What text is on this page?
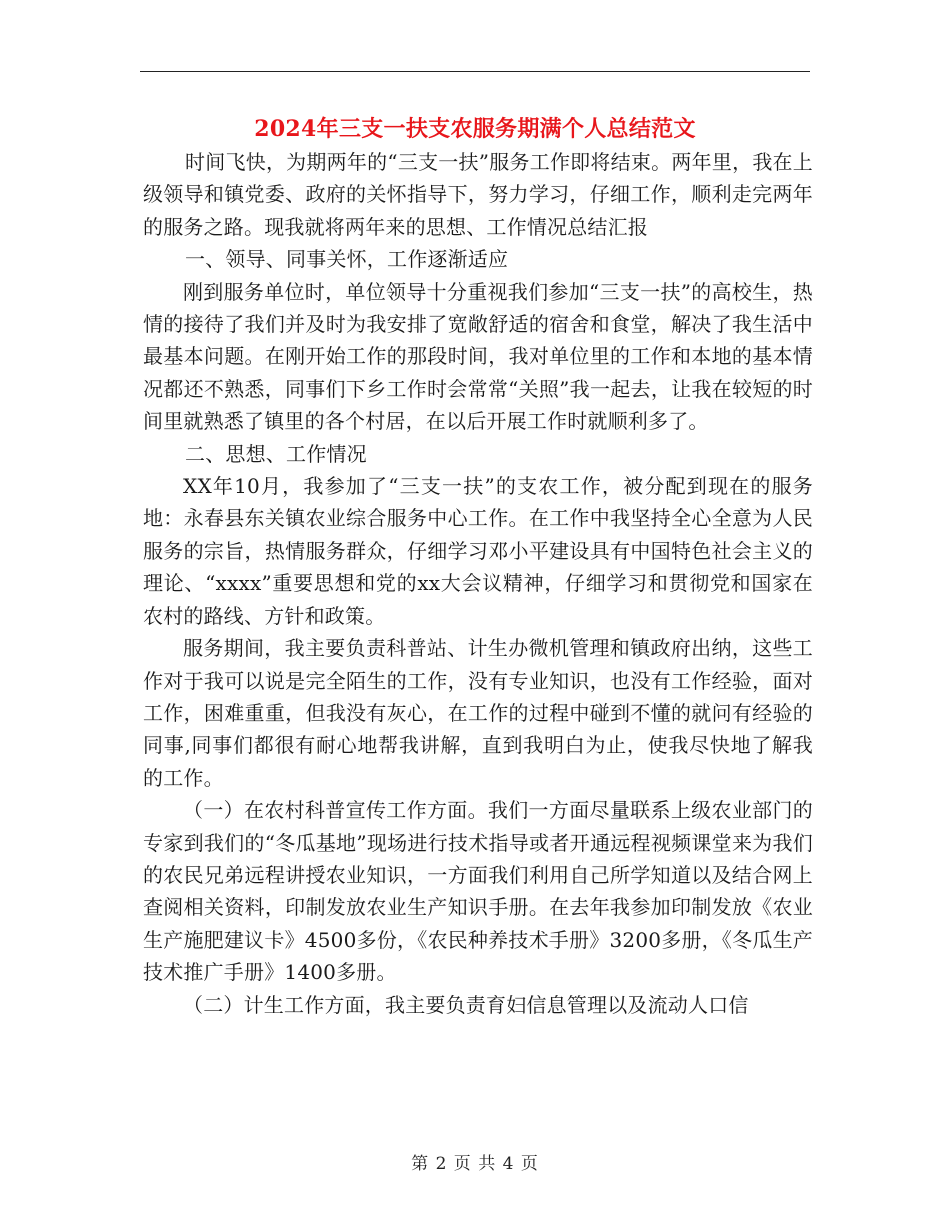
2024年三支一扶支农服务期满个人总结范文

时间飞快，为期两年的“三支一扶”服务工作即将结束。两年里，我在上级领导和镇党委、政府的关怀指导下，努力学习，仔细工作，顺利走完两年的服务之路。现我就将两年来的思想、工作情况总结汇报

一、领导、同事关怀，工作逐渐适应

刚到服务单位时，单位领导十分重视我们参加“三支一扶”的高校生，热情的接待了我们并及时为我安排了宽敞舒适的宿舍和食堂，解决了我生活中最基本问题。在刚开始工作的那段时间，我对单位里的工作和本地的基本情况都还不熟悉，同事们下乡工作时会常常“关照”我一起去，让我在较短的时间里就熟悉了镇里的各个村居，在以后开展工作时就顺利多了。

二、思想、工作情况

XX年10月，我参加了“三支一扶”的支农工作，被分配到现在的服务地：永春县东关镇农业综合服务中心工作。在工作中我坚持全心全意为人民服务的宗旨，热情服务群众，仔细学习邓小平建设具有中国特色社会主义的理论、“xxxx”重要思想和党的xx大会议精神，仔细学习和贯彻党和国家在农村的路线、方针和政策。

服务期间，我主要负责科普站、计生办微机管理和镇政府出纳，这些工作对于我可以说是完全陌生的工作，没有专业知识，也没有工作经验，面对工作，困难重重，但我没有灰心，在工作的过程中碰到不懂的就问有经验的同事,同事们都很有耐心地帮我讲解，直到我明白为止，使我尽快地了解我的工作。

（一）在农村科普宣传工作方面。我们一方面尽量联系上级农业部门的专家到我们的“冬瓜基地”现场进行技术指导或者开通远程视频课堂来为我们的农民兄弟远程讲授农业知识，一方面我们利用自己所学知道以及结合网上查阅相关资料，印制发放农业生产知识手册。在去年我参加印制发放《农业生产施肥建议卡》4500多份，《农民种养技术手册》3200多册，《冬瓜生产技术推广手册》1400多册。

（二）计生工作方面，我主要负责育妇信息管理以及流动人口信

第 2 页 共 4 页
